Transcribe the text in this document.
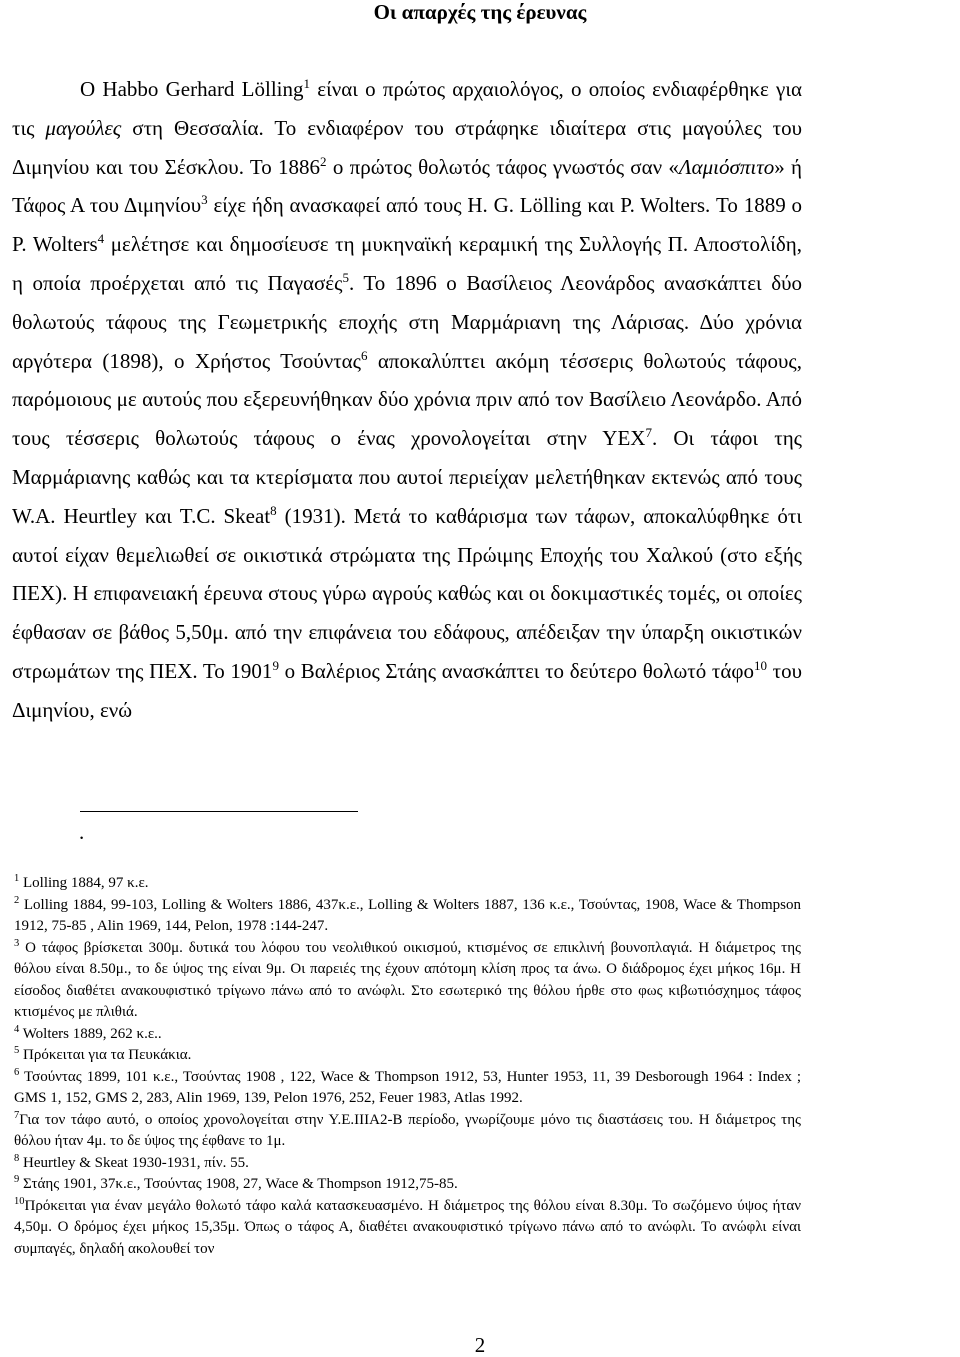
Οι απαρχές της έρευνας

Ο Habbo Gerhard Lölling$^1$ είναι ο πρώτος αρχαιολόγος, ο οποίος ενδιαφέρθηκε για τις μαγούλες στη Θεσσαλία. Το ενδιαφέρον του στράφηκε ιδιαίτερα στις μαγούλες του Διμηνίου και του Σέσκλου. Το 1886$^2$ ο πρώτος θολωτός τάφος γνωστός σαν «Λαμιόσπιτο» ή Τάφος Α του Διμηνίου$^3$ είχε ήδη ανασκαφεί από τους H. G. Lölling και P. Wolters. Το 1889 ο P. Wolters$^4$ μελέτησε και δημοσίευσε τη μυκηναϊκή κεραμική της Συλλογής Π. Αποστολίδη, η οποία προέρχεται από τις Παγασές$^5$. Το 1896 ο Βασίλειος Λεονάρδος ανασκάπτει δύο θολωτούς τάφους της Γεωμετρικής εποχής στη Μαρμάριανη της Λάρισας. Δύο χρόνια αργότερα (1898), ο Χρήστος Τσούντας$^6$ αποκαλύπτει ακόμη τέσσερις θολωτούς τάφους, παρόμοιους με αυτούς που εξερευνήθηκαν δύο χρόνια πριν από τον Βασίλειο Λεονάρδο. Από τους τέσσερις θολωτούς τάφους ο ένας χρονολογείται στην ΥΕΧ$^7$. Οι τάφοι της Μαρμάριανης καθώς και τα κτερίσματα που αυτοί περιείχαν μελετήθηκαν εκτενώς από τους W.A. Heurtley και T.C. Skeat$^8$ (1931). Μετά το καθάρισμα των τάφων, αποκαλύφθηκε ότι αυτοί είχαν θεμελιωθεί σε οικιστικά στρώματα της Πρώιμης Εποχής του Χαλκού (στο εξής ΠΕΧ). Η επιφανειακή έρευνα στους γύρω αγρούς καθώς και οι δοκιμαστικές τομές, οι οποίες έφθασαν σε βάθος 5,50μ. από την επιφάνεια του εδάφους, απέδειξαν την ύπαρξη οικιστικών στρωμάτων της ΠΕΧ. Το 1901$^9$ ο Βαλέριος Στάης ανασκάπτει το δεύτερο θολωτό τάφο$^{10}$ του Διμηνίου, ενώ

.
$^1$ Lolling 1884, 97 κ.ε.
$^2$ Lolling 1884, 99-103, Lolling & Wolters 1886, 437κ.ε., Lolling & Wolters 1887, 136 κ.ε., Τσούντας, 1908, Wace & Thompson 1912, 75-85 , Alin 1969, 144, Pelon, 1978 :144-247.
$^3$ Ο τάφος βρίσκεται 300μ. δυτικά του λόφου του νεολιθικού οικισμού, κτισμένος σε επικλινή βουνοπλαγιά. Η διάμετρος της θόλου είναι 8.50μ., το δε ύψος της είναι 9μ. Οι παρειές της έχουν απότομη κλίση προς τα άνω. Ο διάδρομος έχει μήκος 16μ. Η είσοδος διαθέτει ανακουφιστικό τρίγωνο πάνω από το ανώφλι. Στο εσωτερικό της θόλου ήρθε στο φως κιβωτιόσχημος τάφος κτισμένος με πλιθιά.
$^4$ Wolters 1889, 262 κ.ε..
$^5$ Πρόκειται για τα Πευκάκια.
$^6$ Τσούντας 1899, 101 κ.ε., Τσούντας 1908 , 122, Wace & Thompson 1912, 53, Hunter 1953, 11, 39 Desborough 1964 : Index ; GMS 1, 152, GMS 2, 283, Alin 1969, 139, Pelon 1976, 252, Feuer 1983, Atlas 1992.
$^7$Για τον τάφο αυτό, ο οποίος χρονολογείται στην Υ.Ε.ΙΙΙΑ2-Β περίοδο, γνωρίζουμε μόνο τις διαστάσεις του. Η διάμετρος της θόλου ήταν 4μ. το δε ύψος της έφθανε το 1μ.
$^8$ Heurtley & Skeat 1930-1931, πίν. 55.
$^9$ Στάης 1901, 37κ.ε., Τσούντας 1908, 27, Wace & Thompson 1912,75-85.
$^{10}$Πρόκειται για έναν μεγάλο θολωτό τάφο καλά κατασκευασμένο. Η διάμετρος της θόλου είναι 8.30μ. Το σωζόμενο ύψος ήταν 4,50μ. Ο δρόμος έχει μήκος 15,35μ. Όπως ο τάφος Α, διαθέτει ανακουφιστικό τρίγωνο πάνω από το ανώφλι. Το ανώφλι είναι συμπαγές, δηλαδή ακολουθεί τον
2
